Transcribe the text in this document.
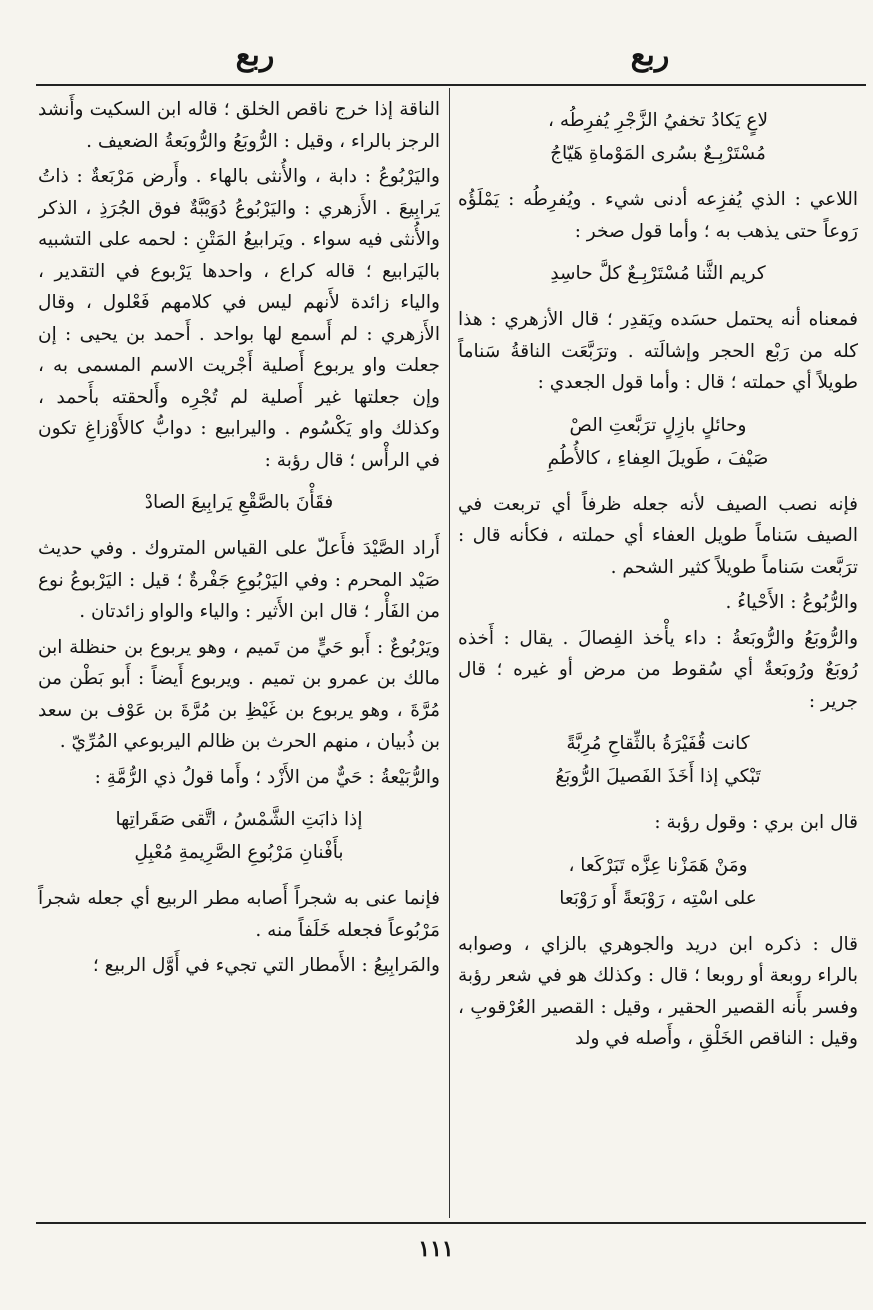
ربع	ربع
لاعٍ يَكادُ تخفيُ الزَّجْرِ يُفرِطُه ،
مُسْتَرْبِـعٌ بسُرى المَوْماةِ هَيّاجُ

اللاعي : الذي يُفزِعه أدنى شيء . ويُفرِطُه : يَمْلَؤُه رَوعاً حتى يذهب به ؛ وأما قول صخر :

كريم الثَّنا مُسْتَرْبِـعٌ كلَّ حاسِدِ

فمعناه أنه يحتمل حسَده ويَقدِر ؛ قال الأزهري : هذا كله من رَبْع الحجر وإشالَته . وترَبَّعَت الناقةُ سَناماً طويلاً أي حملته ؛ قال : وأما قول الجعدي :

وحائلٍ بازِلٍ ترَبَّعتِ الصْ
صَيْفَ ، طَويلَ العِفاءِ ، كالأُطُمِ

فإنه نصب الصيف لأنه جعله ظرفاً أي تربعت في الصيف سَناماً طويل العفاء أي حملته ، فكأنه قال : ترَبَّعت سَناماً طويلاً كثير الشحم .

والرُّبُوعُ : الأَحْياءُ .

والرُّوبَعُ والرُّوبَعةُ : داء يأْخذ الفِصالَ . يقال : أَخذه رُوبَعٌ ورُوبَعةٌ أي سُقوط من مرض أو غيره ؛ قال جرير :

كانت قُفَيْرَةُ بالثِّقاحِ مُرِبَّةً
تَبْكي إذا أَخَذَ الفَصيلَ الرُّوبَعُ

قال ابن بري : وقول رؤبة :

ومَنْ هَمَزْنا عِزَّه تَبَرْكَعا ،
على اسْتِه ، رَوْبَعةً أَو رَوْبَعا

قال : ذكره ابن دريد والجوهري بالزاي ، وصوابه بالراء روبعة أو روبعا ؛ قال : وكذلك هو في شعر رؤبة وفسر بأَنه القصير الحقير ، وقيل : القصير العُرْقوبِ ، وقيل : الناقص الخَلْقِ ، وأَصله في ولد

الناقة إذا خرج ناقص الخلق ؛ قاله ابن السكيت وأَنشد الرجز بالراء ، وقيل : الرُّوبَعُ والرُّوبَعةُ الضعيف .

واليَرْبُوعُ : دابة ، والأُنثى بالهاء . وأَرض مَرْبَعةٌ : ذاتُ يَرابِيعَ . الأَزهري : واليَرْبُوعُ دُوَيْبَّةٌ فوق الجُرَذِ ، الذكر والأُنثى فيه سواء . ويَرابيعُ المَتْنِ : لحمه على التشبيه باليَرابيع ؛ قاله كراع ، واحدها يَرْبوع في التقدير ، والياء زائدة لأَنهم ليس في كلامهم فَعْلول ، وقال الأَزهري : لم أَسمع لها بواحد . أَحمد بن يحيى : إن جعلت واو يربوع أَصلية أَجْريت الاسم المسمى به ، وإن جعلتها غير أَصلية لم تُجْرِه وأَلحقته بأَحمد ، وكذلك واو يَكْسُوم . واليرابيع : دوابُّ كالأَوْزاغِ تكون في الرأْس ؛ قال رؤبة :

فقَأْنَ بالصَّقْعِ يَرابِيعَ الصادْ

أَراد الصَّيْدَ فأَعلّ على القياس المتروك . وفي حديث صَيْد المحرم : وفي اليَرْبُوعِ جَفْرةٌ ؛ قيل : اليَرْبوعُ نوع من الفَأْر ؛ قال ابن الأَثير : والياء والواو زائدتان .

ويَرْبُوعٌ : أَبو حَيٍّ من تَميم ، وهو يربوع بن حنظلة ابن مالك بن عمرو بن تميم . ويربوع أَيضاً : أَبو بَطْن من مُرَّةَ ، وهو يربوع بن غَيْظِ بن مُرَّةَ بن عَوْف بن سعد بن ذُبيان ، منهم الحرث بن ظالم اليربوعي المُرِّيّ .

والرُّبَيْعةُ : حَيٌّ من الأَزْد ؛ وأَما قولُ ذي الرُّمَّةِ :

إذا ذابَتِ الشَّمْسُ ، اتَّقى صَقَراتِها
بأَفْنانِ مَرْبُوعِ الصَّرِيمةِ مُعْبِلِ

فإنما عنى به شجراً أَصابه مطر الربيع أي جعله شجراً مَرْبُوعاً فجعله خَلَفاً منه .

والمَرابِيعُ : الأَمطار التي تجيء في أَوَّل الربيع ؛

١١١
